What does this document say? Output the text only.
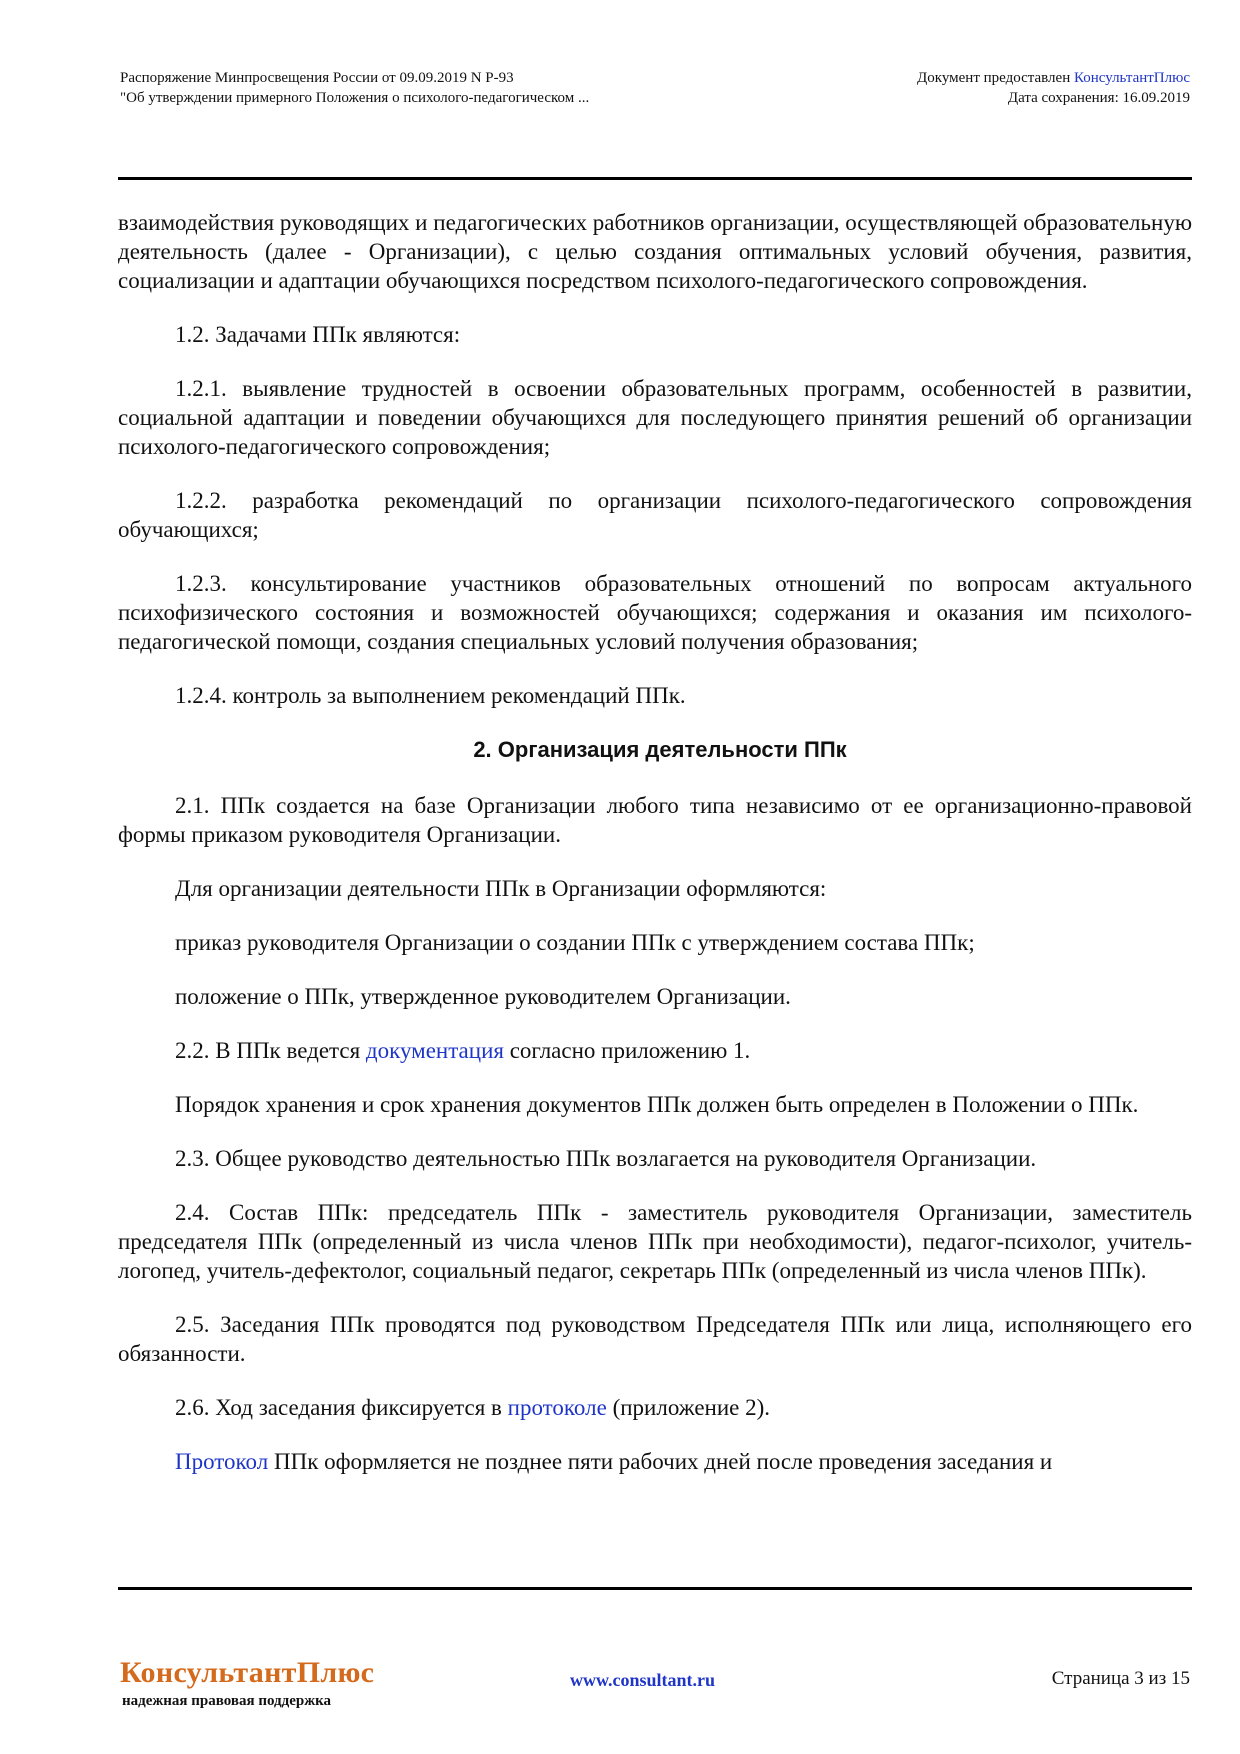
Распоряжение Минпросвещения России от 09.09.2019 N Р-93
"Об утверждении примерного Положения о психолого-педагогическом ...
Документ предоставлен КонсультантПлюс
Дата сохранения: 16.09.2019

взаимодействия руководящих и педагогических работников организации, осуществляющей образовательную деятельность (далее - Организации), с целью создания оптимальных условий обучения, развития, социализации и адаптации обучающихся посредством психолого-педагогического сопровождения.

1.2. Задачами ППк являются:

1.2.1. выявление трудностей в освоении образовательных программ, особенностей в развитии, социальной адаптации и поведении обучающихся для последующего принятия решений об организации психолого-педагогического сопровождения;

1.2.2. разработка рекомендаций по организации психолого-педагогического сопровождения обучающихся;

1.2.3. консультирование участников образовательных отношений по вопросам актуального психофизического состояния и возможностей обучающихся; содержания и оказания им психолого-педагогической помощи, создания специальных условий получения образования;

1.2.4. контроль за выполнением рекомендаций ППк.

2. Организация деятельности ППк

2.1. ППк создается на базе Организации любого типа независимо от ее организационно-правовой формы приказом руководителя Организации.

Для организации деятельности ППк в Организации оформляются:

приказ руководителя Организации о создании ППк с утверждением состава ППк;

положение о ППк, утвержденное руководителем Организации.

2.2. В ППк ведется документация согласно приложению 1.

Порядок хранения и срок хранения документов ППк должен быть определен в Положении о ППк.

2.3. Общее руководство деятельностью ППк возлагается на руководителя Организации.

2.4. Состав ППк: председатель ППк - заместитель руководителя Организации, заместитель председателя ППк (определенный из числа членов ППк при необходимости), педагог-психолог, учитель-логопед, учитель-дефектолог, социальный педагог, секретарь ППк (определенный из числа членов ППк).

2.5. Заседания ППк проводятся под руководством Председателя ППк или лица, исполняющего его обязанности.

2.6. Ход заседания фиксируется в протоколе (приложение 2).

Протокол ППк оформляется не позднее пяти рабочих дней после проведения заседания и

КонсультантПлюс
надежная правовая поддержка
www.consultant.ru	Страница 3 из 15
